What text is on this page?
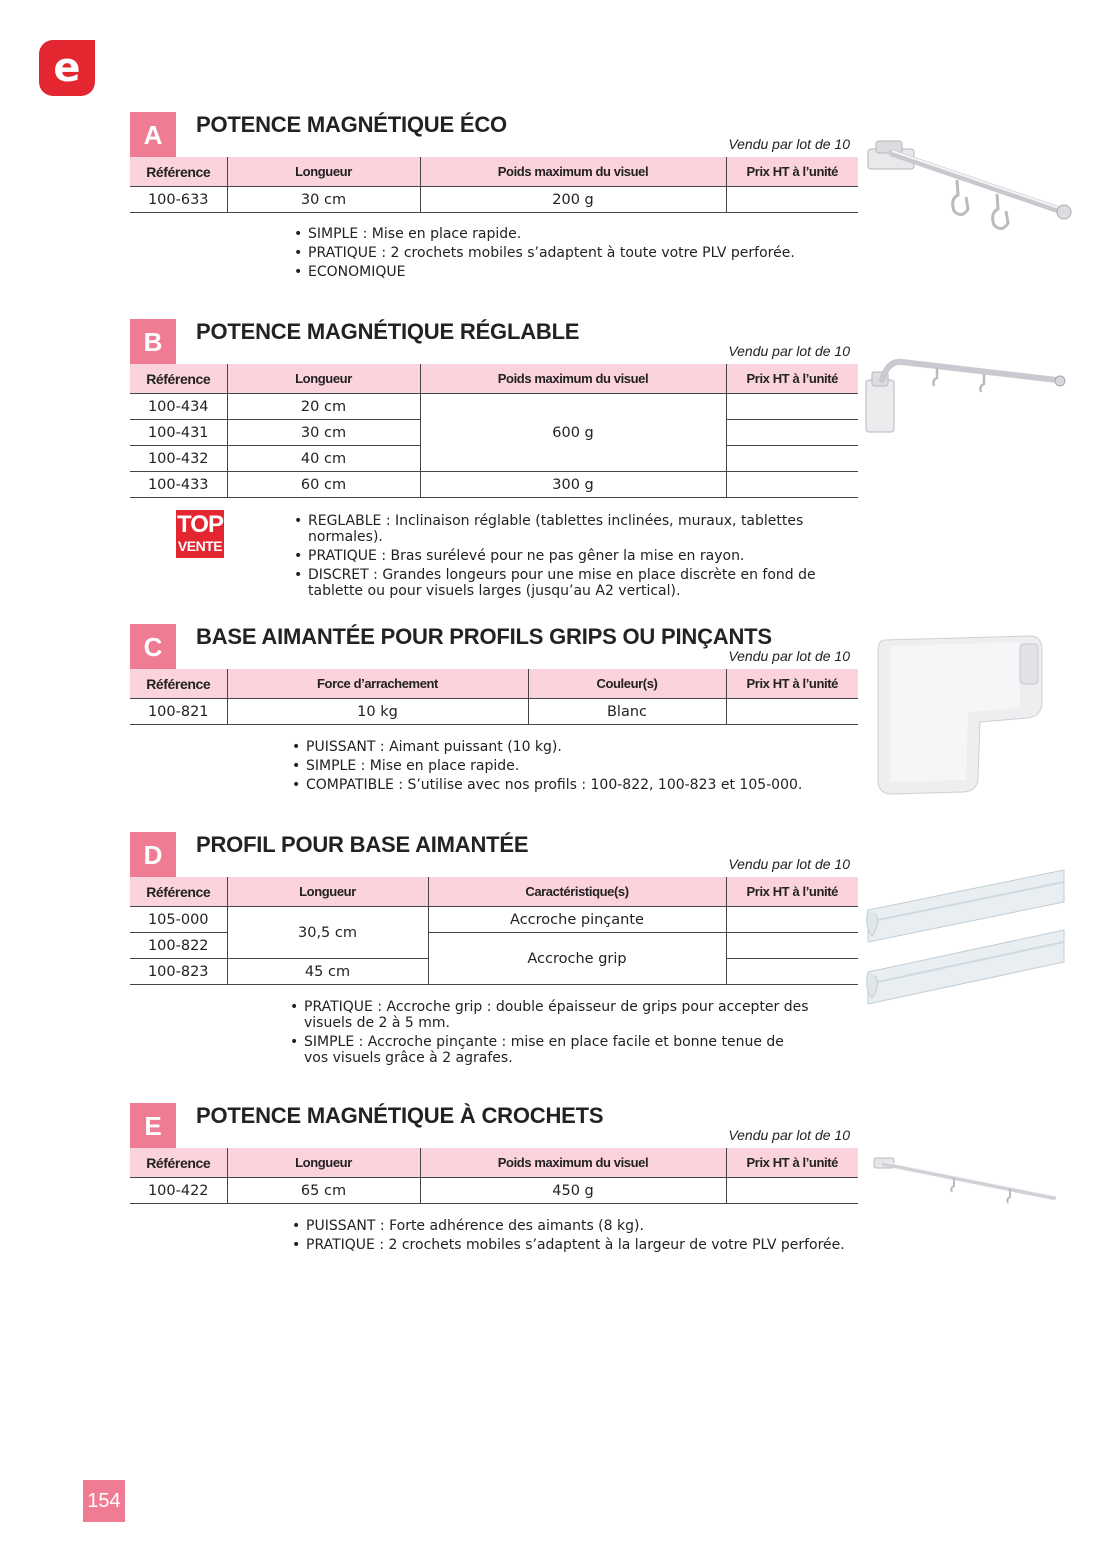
e
A	POTENCE MAGNÉTIQUE ÉCO
Vendu par lot de 10
Référence	Longueur	Poids maximum du visuel	Prix HT à l’unité
100-633	30 cm	200 g	
• SIMPLE : Mise en place rapide.
• PRATIQUE : 2 crochets mobiles s’adaptent à toute votre PLV perforée.
• ECONOMIQUE
B	POTENCE MAGNÉTIQUE RÉGLABLE
Vendu par lot de 10
Référence	Longueur	Poids maximum du visuel	Prix HT à l’unité
100-434	20 cm	600 g	
100-431	30 cm		
100-432	40 cm		
100-433	60 cm	300 g	
TOP
VENTE
• REGLABLE : Inclinaison réglable (tablettes inclinées, muraux, tablettes normales).
• PRATIQUE : Bras surélevé pour ne pas gêner la mise en rayon.
• DISCRET : Grandes longeurs pour une mise en place discrète en fond de tablette ou pour visuels larges (jusqu’au A2 vertical).
C	BASE AIMANTÉE POUR PROFILS GRIPS OU PINÇANTS
Vendu par lot de 10
Référence	Force d’arrachement	Couleur(s)	Prix HT à l’unité
100-821	10 kg	Blanc	
• PUISSANT : Aimant puissant (10 kg).
• SIMPLE : Mise en place rapide.
• COMPATIBLE : S’utilise avec nos profils : 100-822, 100-823 et 105-000.
D	PROFIL POUR BASE AIMANTÉE
Vendu par lot de 10
Référence	Longueur	Caractéristique(s)	Prix HT à l’unité
105-000	30,5 cm	Accroche pinçante	
100-822		Accroche grip	
100-823	45 cm		
• PRATIQUE : Accroche grip : double épaisseur de grips pour accepter des visuels de 2 à 5 mm.
• SIMPLE : Accroche pinçante : mise en place facile et bonne tenue de vos visuels grâce à 2 agrafes.
E	POTENCE MAGNÉTIQUE À CROCHETS
Vendu par lot de 10
Référence	Longueur	Poids maximum du visuel	Prix HT à l’unité
100-422	65 cm	450 g	
• PUISSANT : Forte adhérence des aimants (8 kg).
• PRATIQUE : 2 crochets mobiles s’adaptent à la largeur de votre PLV perforée.
154
